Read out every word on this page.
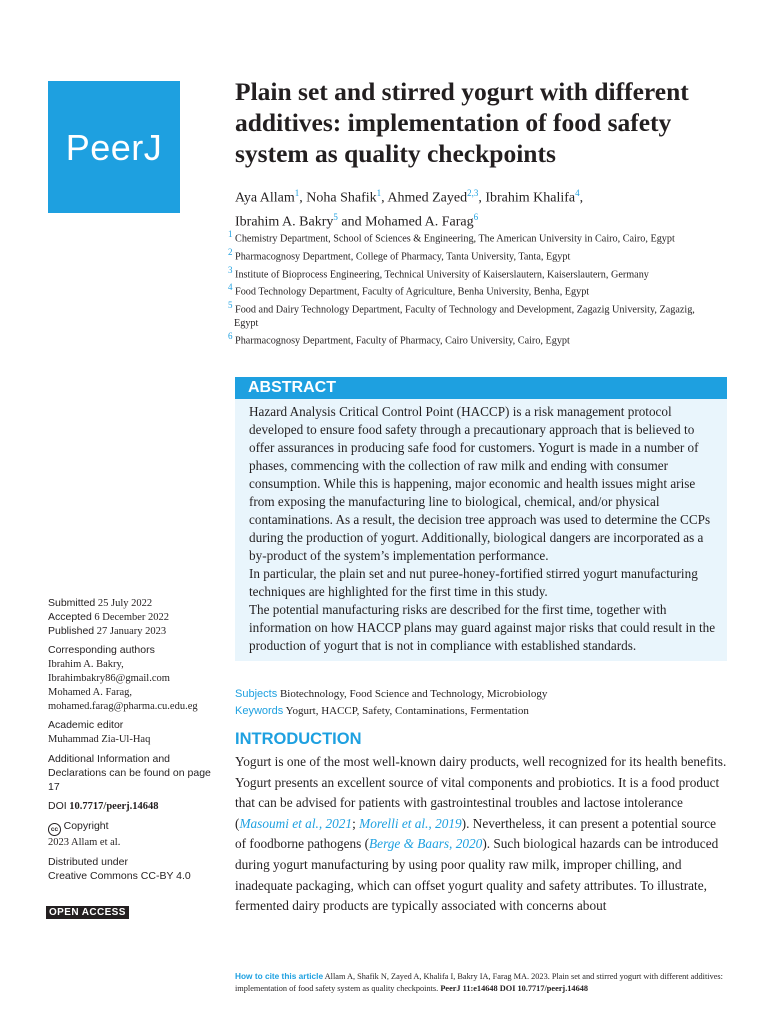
PeerJ
Plain set and stirred yogurt with different additives: implementation of food safety system as quality checkpoints
Aya Allam$^1$, Noha Shafik$^1$, Ahmed Zayed$^{2,3}$, Ibrahim Khalifa$^4$,
Ibrahim A. Bakry$^5$ and Mohamed A. Farag$^6$

$^1$ Chemistry Department, School of Sciences & Engineering, The American University in Cairo, Cairo, Egypt

$^2$ Pharmacognosy Department, College of Pharmacy, Tanta University, Tanta, Egypt

$^3$ Institute of Bioprocess Engineering, Technical University of Kaiserslautern, Kaiserslautern, Germany

$^4$ Food Technology Department, Faculty of Agriculture, Benha University, Benha, Egypt

$^5$ Food and Dairy Technology Department, Faculty of Technology and Development, Zagazig University, Zagazig, Egypt

$^6$ Pharmacognosy Department, Faculty of Pharmacy, Cairo University, Cairo, Egypt

ABSTRACT

Hazard Analysis Critical Control Point (HACCP) is a risk management protocol developed to ensure food safety through a precautionary approach that is believed to offer assurances in producing safe food for customers. Yogurt is made in a number of phases, commencing with the collection of raw milk and ending with consumer consumption. While this is happening, major economic and health issues might arise from exposing the manufacturing line to biological, chemical, and/or physical contaminations. As a result, the decision tree approach was used to determine the CCPs during the production of yogurt. Additionally, biological dangers are incorporated as a by-product of the system’s implementation performance.

In particular, the plain set and nut puree-honey-fortified stirred yogurt manufacturing techniques are highlighted for the first time in this study.

The potential manufacturing risks are described for the first time, together with information on how HACCP plans may guard against major risks that could result in the production of yogurt that is not in compliance with established standards.

Subjects Biotechnology, Food Science and Technology, Microbiology
Keywords Yogurt, HACCP, Safety, Contaminations, Fermentation
INTRODUCTION

Yogurt is one of the most well-known dairy products, well recognized for its health benefits. Yogurt presents an excellent source of vital components and probiotics. It is a food product that can be advised for patients with gastrointestinal troubles and lactose intolerance (Masoumi et al., 2021; Morelli et al., 2019). Nevertheless, it can present a potential source of foodborne pathogens (Berge & Baars, 2020). Such biological hazards can be introduced during yogurt manufacturing by using poor quality raw milk, improper chilling, and inadequate packaging, which can offset yogurt quality and safety attributes. To illustrate, fermented dairy products are typically associated with concerns about

Submitted 25 July 2022
Accepted 6 December 2022
Published 27 January 2023
Corresponding authors
Ibrahim A. Bakry,
Ibrahimbakry86@gmail.com
Mohamed A. Farag,
mohamed.farag@pharma.cu.edu.eg
Academic editor
Muhammad Zia-Ul-Haq
Additional Information and Declarations can be found on page 17
DOI 10.7717/peerj.14648
cc Copyright
2023 Allam et al.
Distributed under
Creative Commons CC-BY 4.0
OPEN ACCESS
How to cite this article Allam A, Shafik N, Zayed A, Khalifa I, Bakry IA, Farag MA. 2023. Plain set and stirred yogurt with different additives: implementation of food safety system as quality checkpoints. PeerJ 11:e14648 DOI 10.7717/peerj.14648
